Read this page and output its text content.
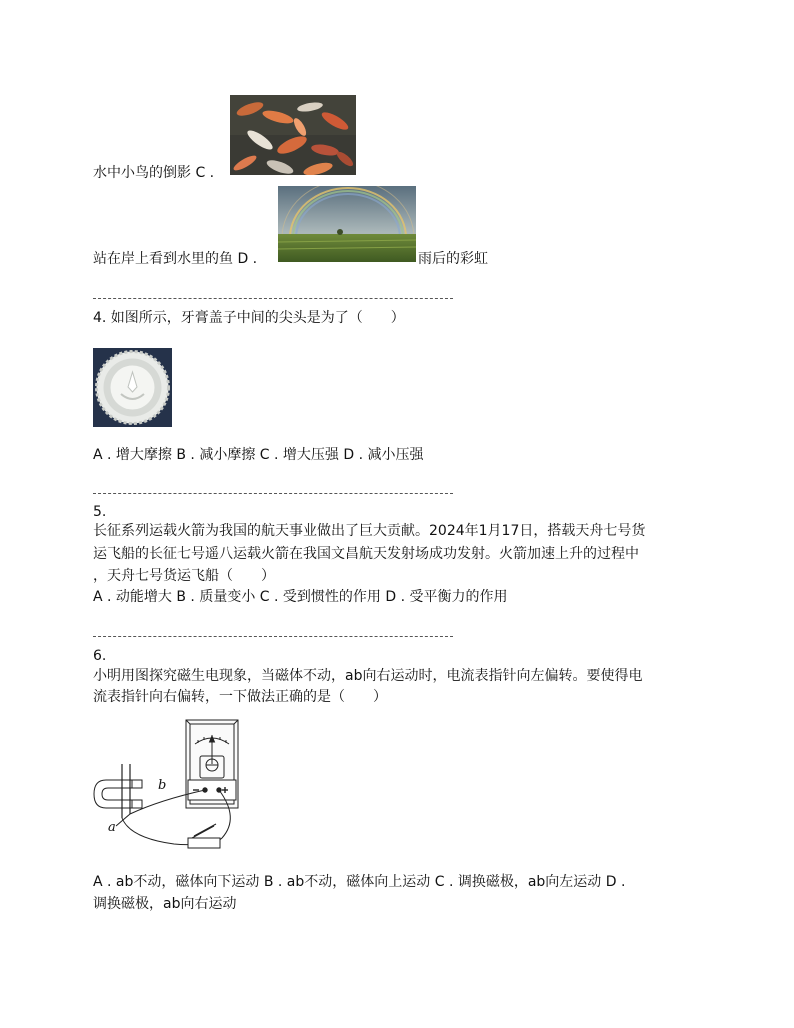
水中小鸟的倒影 C .
站在岸上看到水里的鱼 D .	雨后的彩虹
4. 如图所示，牙膏盖子中间的尖头是为了（　　）
A . 增大摩擦 B . 减小摩擦 C . 增大压强 D . 减小压强
5.
长征系列运载火箭为我国的航天事业做出了巨大贡献。2024年1月17日，搭载天舟七号货
运飞船的长征七号遥八运载火箭在我国文昌航天发射场成功发射。火箭加速上升的过程中
，天舟七号货运飞船（　　）
A . 动能增大 B . 质量变小 C . 受到惯性的作用 D . 受平衡力的作用
6.
小明用图探究磁生电现象，当磁体不动，ab向右运动时，电流表指针向左偏转。要使得电
流表指针向右偏转，一下做法正确的是（　　）
b
a
A . ab不动，磁体向下运动 B . ab不动，磁体向上运动 C . 调换磁极，ab向左运动 D .
调换磁极，ab向右运动
